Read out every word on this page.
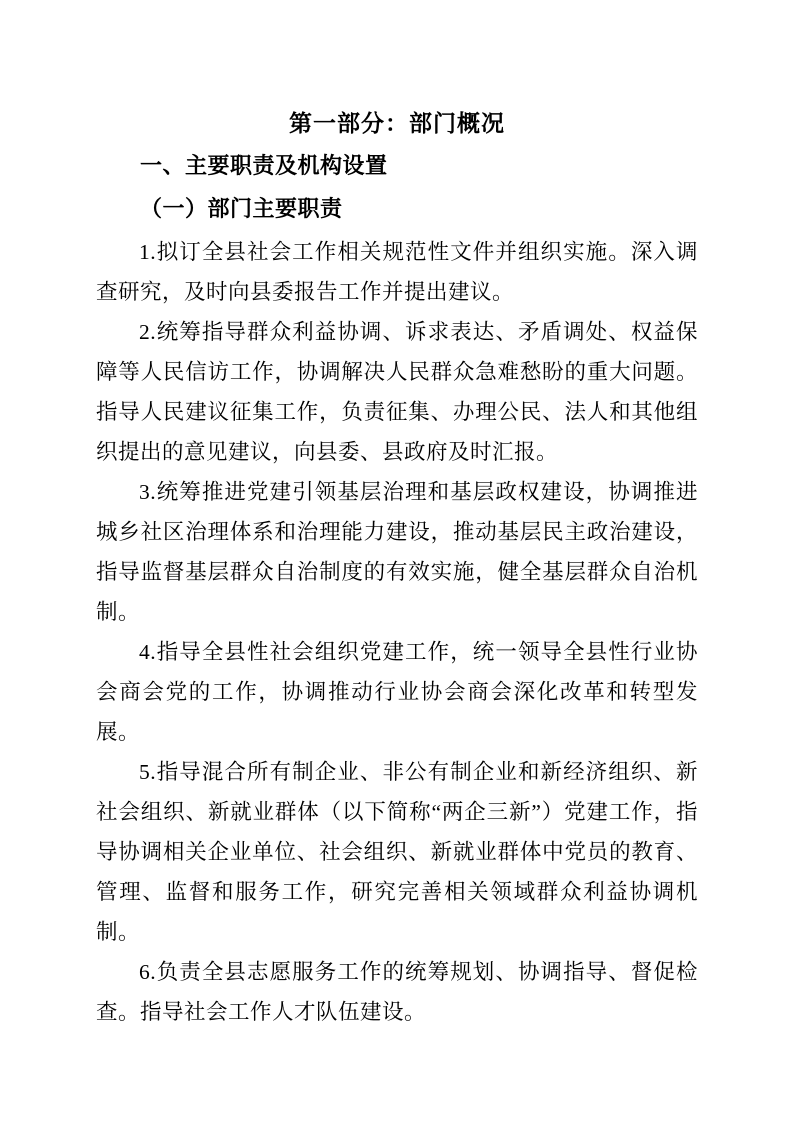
第一部分：部门概况
一、主要职责及机构设置
（一）部门主要职责

1.拟订全县社会工作相关规范性文件并组织实施。深入调查研究，及时向县委报告工作并提出建议。

2.统筹指导群众利益协调、诉求表达、矛盾调处、权益保障等人民信访工作，协调解决人民群众急难愁盼的重大问题。指导人民建议征集工作，负责征集、办理公民、法人和其他组织提出的意见建议，向县委、县政府及时汇报。

3.统筹推进党建引领基层治理和基层政权建设，协调推进城乡社区治理体系和治理能力建设，推动基层民主政治建设，指导监督基层群众自治制度的有效实施，健全基层群众自治机制。

4.指导全县性社会组织党建工作，统一领导全县性行业协会商会党的工作，协调推动行业协会商会深化改革和转型发展。

5.指导混合所有制企业、非公有制企业和新经济组织、新社会组织、新就业群体（以下简称“两企三新”）党建工作，指导协调相关企业单位、社会组织、新就业群体中党员的教育、管理、监督和服务工作，研究完善相关领域群众利益协调机制。

6.负责全县志愿服务工作的统筹规划、协调指导、督促检查。指导社会工作人才队伍建设。
